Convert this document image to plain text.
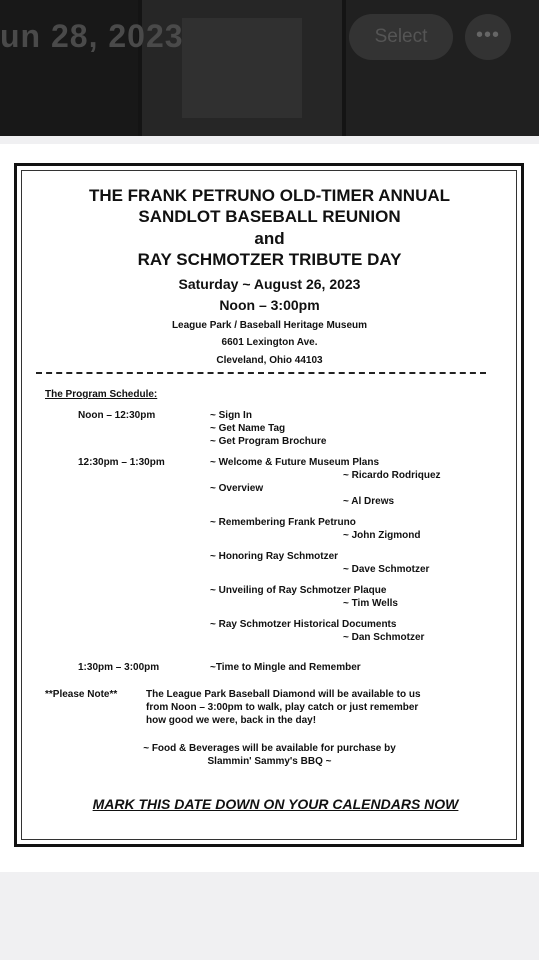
un 28, 2023	Select	•••
THE FRANK PETRUNO OLD-TIMER ANNUAL
SANDLOT BASEBALL REUNION
and
RAY SCHMOTZER TRIBUTE DAY
Saturday ~ August 26, 2023
Noon – 3:00pm
League Park / Baseball Heritage Museum
6601 Lexington Ave.
Cleveland, Ohio 44103
The Program Schedule:
Noon – 12:30pm	~ Sign In
~ Get Name Tag
~ Get Program Brochure
12:30pm – 1:30pm	~ Welcome & Future Museum Plans
~ Ricardo Rodriquez
~ Overview
~ Al Drews
~ Remembering Frank Petruno
~ John Zigmond
~ Honoring Ray Schmotzer
~ Dave Schmotzer
~ Unveiling of Ray Schmotzer Plaque
~ Tim Wells
~ Ray Schmotzer Historical Documents
~ Dan Schmotzer
1:30pm – 3:00pm	~Time to Mingle and Remember
**Please Note**	The League Park Baseball Diamond will be available to us
from Noon – 3:00pm to walk, play catch or just remember
how good we were, back in the day!
~ Food & Beverages will be available for purchase by
Slammin' Sammy's BBQ ~
MARK THIS DATE DOWN ON YOUR CALENDARS NOW
